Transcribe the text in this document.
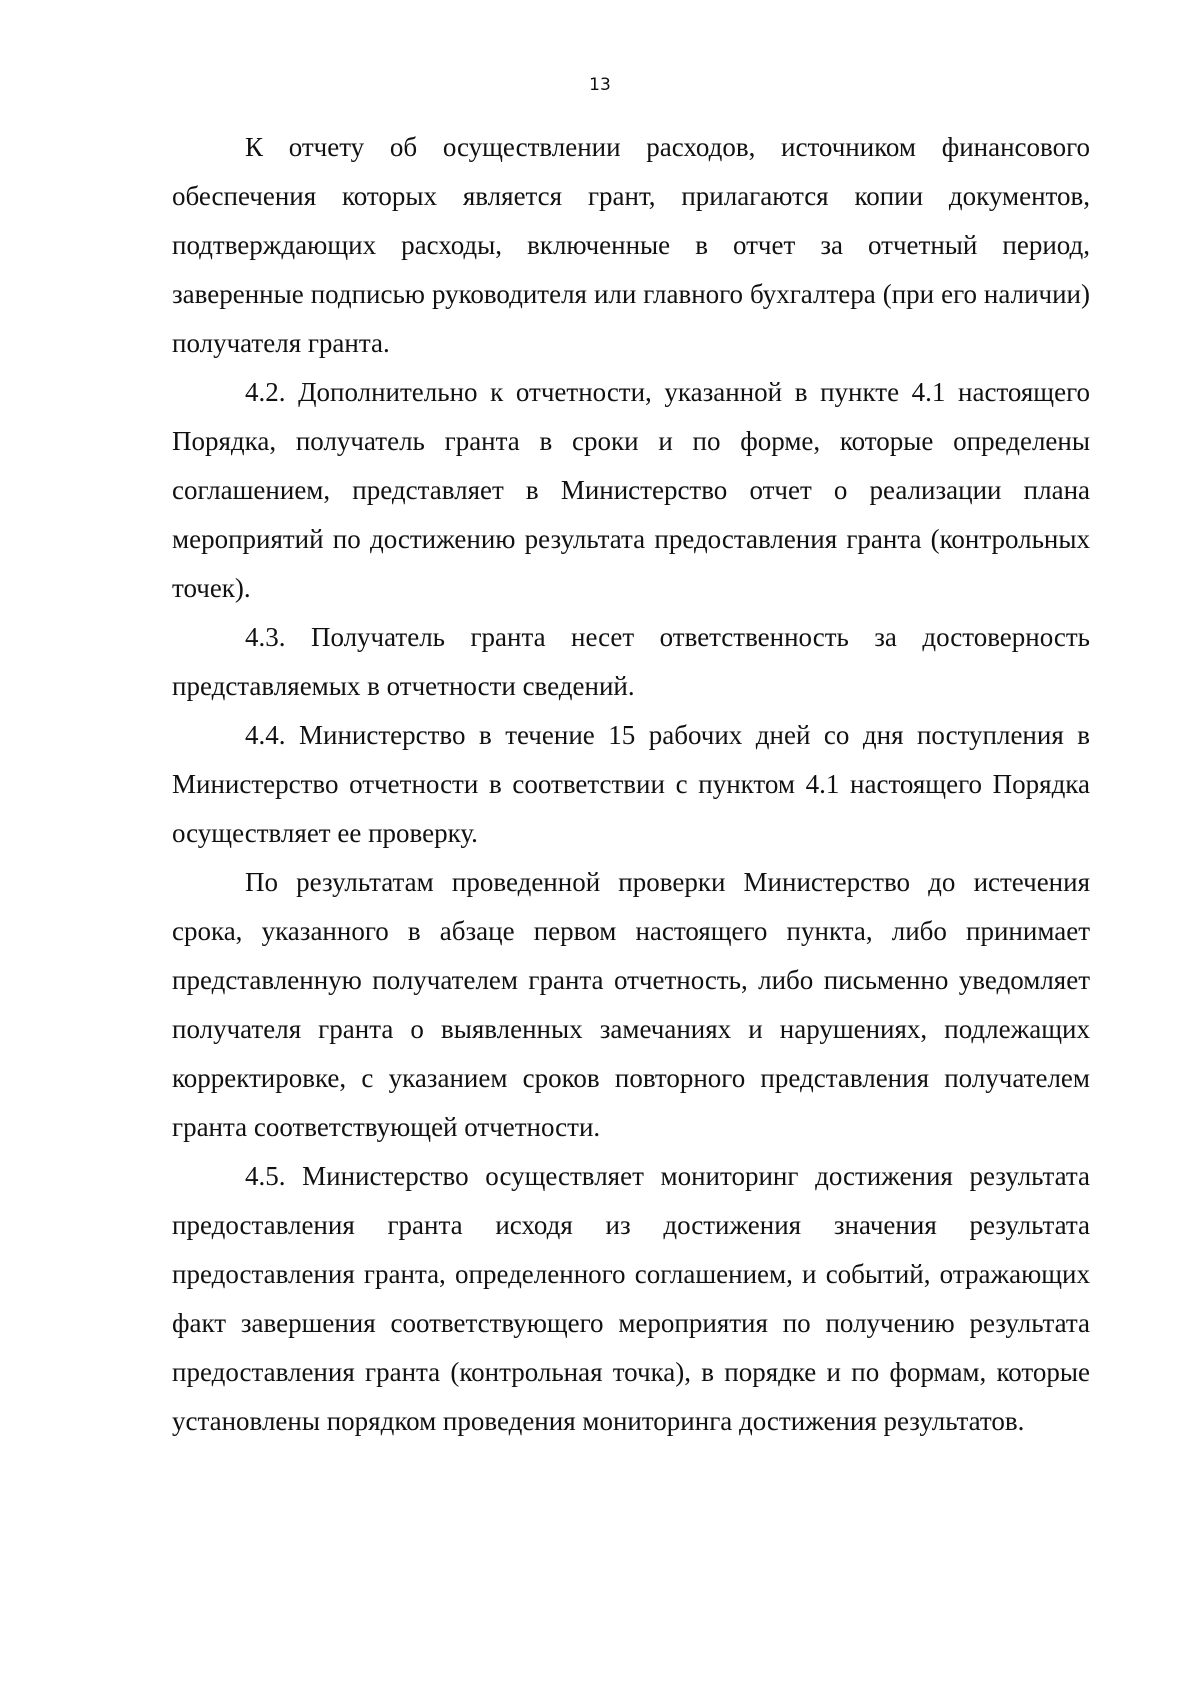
13

К отчету об осуществлении расходов, источником финансового обеспечения которых является грант, прилагаются копии документов, подтверждающих расходы, включенные в отчет за отчетный период, заверенные подписью руководителя или главного бухгалтера (при его наличии) получателя гранта.

4.2. Дополнительно к отчетности, указанной в пункте 4.1 настоящего Порядка, получатель гранта в сроки и по форме, которые определены соглашением, представляет в Министерство отчет о реализации плана мероприятий по достижению результата предоставления гранта (контрольных точек).

4.3. Получатель гранта несет ответственность за достоверность представляемых в отчетности сведений.

4.4. Министерство в течение 15 рабочих дней со дня поступления в Министерство отчетности в соответствии с пунктом 4.1 настоящего Порядка осуществляет ее проверку.

По результатам проведенной проверки Министерство до истечения срока, указанного в абзаце первом настоящего пункта, либо принимает представленную получателем гранта отчетность, либо письменно уведомляет получателя гранта о выявленных замечаниях и нарушениях, подлежащих корректировке, с указанием сроков повторного представления получателем гранта соответствующей отчетности.

4.5. Министерство осуществляет мониторинг достижения результата предоставления гранта исходя из достижения значения результата предоставления гранта, определенного соглашением, и событий, отражающих факт завершения соответствующего мероприятия по получению результата предоставления гранта (контрольная точка), в порядке и по формам, которые установлены порядком проведения мониторинга достижения результатов.
